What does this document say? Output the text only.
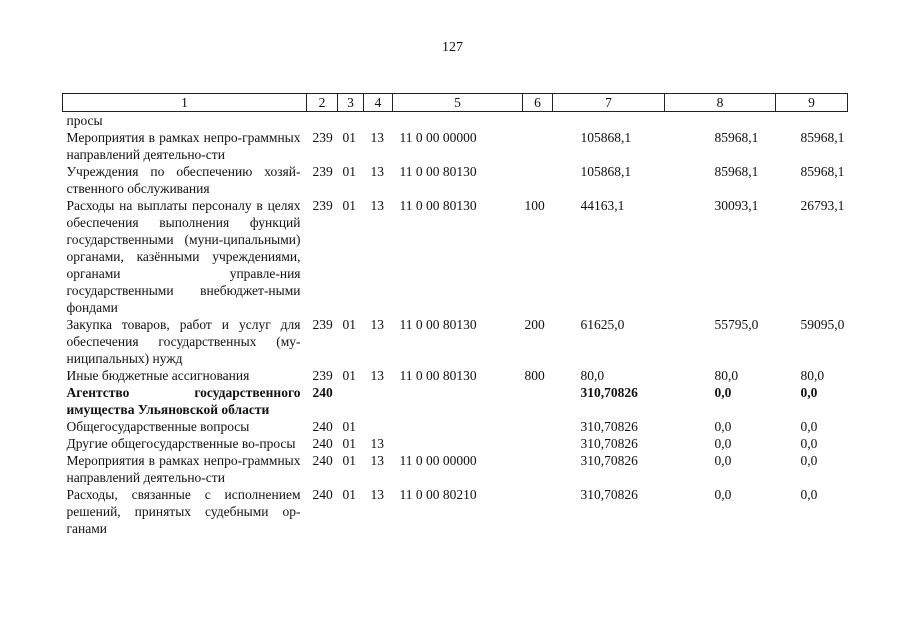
127
1	2	3	4	5	6	7	8	9
просы								
Мероприятия в рамках непро-граммных направлений деятельно-сти	239	01	13	11 0 00 00000		105868,1	85968,1	85968,1
Учреждения по обеспечению хозяй-ственного обслуживания	239	01	13	11 0 00 80130		105868,1	85968,1	85968,1
Расходы на выплаты персоналу в целях обеспечения выполнения функций государственными (муни-ципальными) органами, казёнными учреждениями, органами управле-ния государственными внебюджет-ными фондами	239	01	13	11 0 00 80130	100	44163,1	30093,1	26793,1
Закупка товаров, работ и услуг для обеспечения государственных (му-ниципальных) нужд	239	01	13	11 0 00 80130	200	61625,0	55795,0	59095,0
Иные бюджетные ассигнования	239	01	13	11 0 00 80130	800	80,0	80,0	80,0
Агентство государственного имущества Ульяновской области	240					310,70826	0,0	0,0
Общегосударственные вопросы	240	01				310,70826	0,0	0,0
Другие общегосударственные во-просы	240	01	13			310,70826	0,0	0,0
Мероприятия в рамках непро-граммных направлений деятельно-сти	240	01	13	11 0 00 00000		310,70826	0,0	0,0
Расходы, связанные с исполнением решений, принятых судебными ор-ганами	240	01	13	11 0 00 80210		310,70826	0,0	0,0
